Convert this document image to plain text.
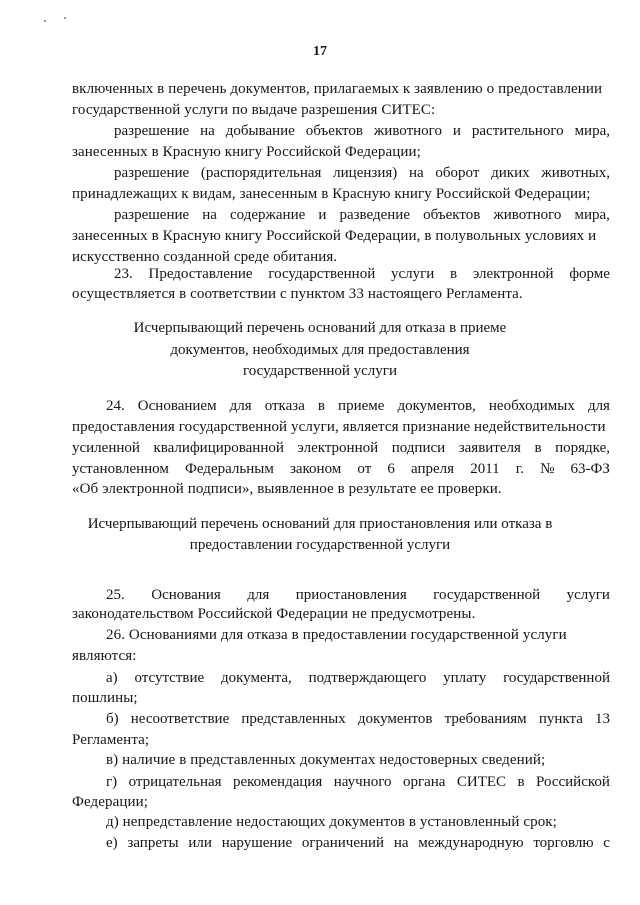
17
включенных в перечень документов, прилагаемых к заявлению о предоставлении
государственной услуги по выдаче разрешения СИТЕС:
разрешение на добывание объектов животного и растительного мира,
занесенных в Красную книгу Российской Федерации;
разрешение (распорядительная лицензия) на оборот диких животных,
принадлежащих к видам, занесенным в Красную книгу Российской Федерации;
разрешение на содержание и разведение объектов животного мира,
занесенных в Красную книгу Российской Федерации, в полувольных условиях и
искусственно созданной среде обитания.
23. Предоставление государственной услуги в электронной форме
осуществляется в соответствии с пунктом 33 настоящего Регламента.
Исчерпывающий перечень оснований для отказа в приеме
документов, необходимых для предоставления
государственной услуги
24. Основанием для отказа в приеме документов, необходимых для
предоставления государственной услуги, является признание недействительности
усиленной квалифицированной электронной подписи заявителя в порядке,
установленном Федеральным законом от 6 апреля 2011 г. № 63-ФЗ
«Об электронной подписи», выявленное в результате ее проверки.
Исчерпывающий перечень оснований для приостановления или отказа в
предоставлении государственной услуги
25. Основания для приостановления государственной услуги
законодательством Российской Федерации не предусмотрены.
26. Основаниями для отказа в предоставлении государственной услуги
являются:
а) отсутствие документа, подтверждающего уплату государственной
пошлины;
б) несоответствие представленных документов требованиям пункта 13
Регламента;
в) наличие в представленных документах недостоверных сведений;
г) отрицательная рекомендация научного органа СИТЕС в Российской
Федерации;
д) непредставление недостающих документов в установленный срок;
е) запреты или нарушение ограничений на международную торговлю с
